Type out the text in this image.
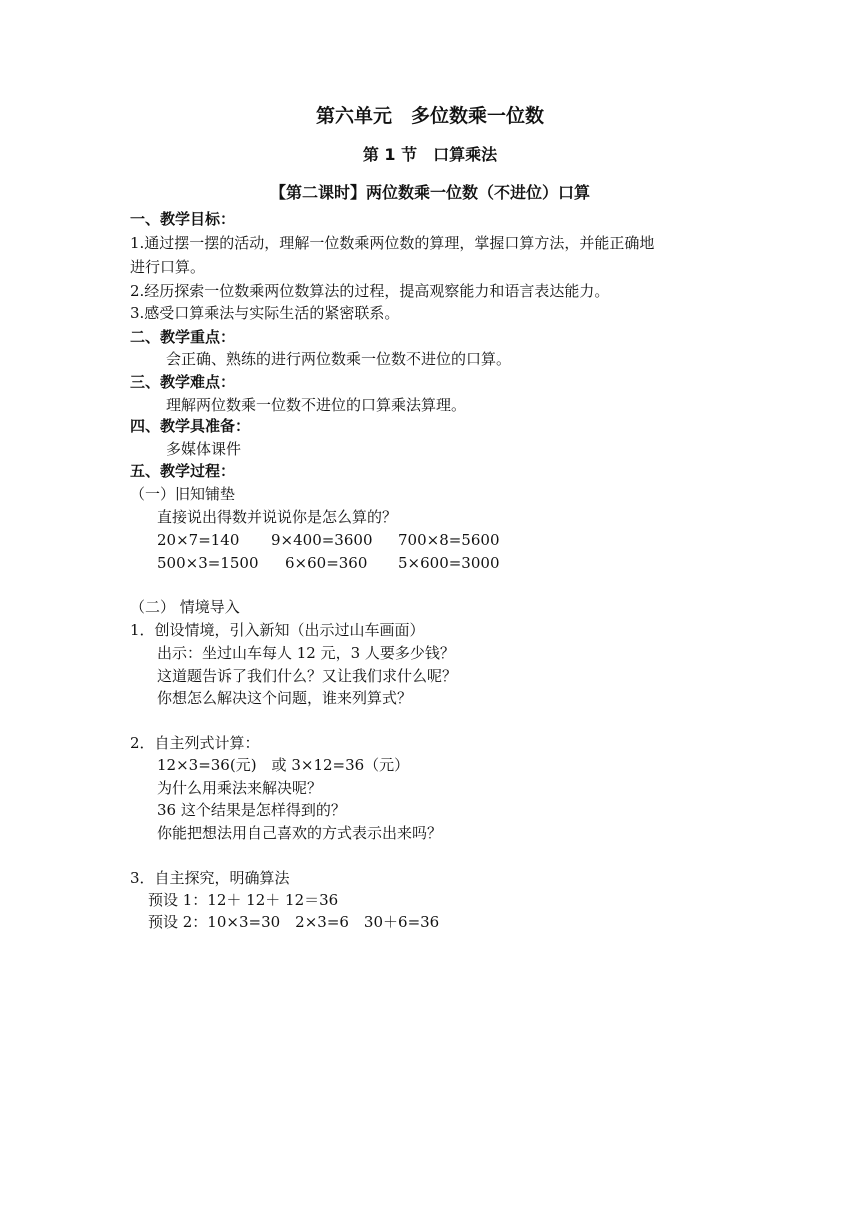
第六单元　多位数乘一位数
第 1 节　口算乘法
【第二课时】两位数乘一位数（不进位）口算
一、教学目标：
1.通过摆一摆的活动，理解一位数乘两位数的算理，掌握口算方法，并能正确地
进行口算。
2.经历探索一位数乘两位数算法的过程，提高观察能力和语言表达能力。
3.感受口算乘法与实际生活的紧密联系。
二、教学重点：
会正确、熟练的进行两位数乘一位数不进位的口算。
三、教学难点：
理解两位数乘一位数不进位的口算乘法算理。
四、教学具准备：
多媒体课件
五、教学过程：
（一）旧知铺垫
直接说出得数并说说你是怎么算的？
20×7=140 9×400=3600 700×8=5600
500×3=1500 6×60=360 5×600=3000
（二） 情境导入
1．创设情境，引入新知（出示过山车画面）
出示：坐过山车每人 12 元，3 人要多少钱？
这道题告诉了我们什么？又让我们求什么呢？
你想怎么解决这个问题，谁来列算式？
2．自主列式计算：
12×3=36(元)　或 3×12=36（元）
为什么用乘法来解决呢？
36 这个结果是怎样得到的？
你能把想法用自己喜欢的方式表示出来吗？
3．自主探究，明确算法
预设 1：12＋ 12＋ 12＝36
预设 2：10×3=30　2×3=6　30＋6=36
